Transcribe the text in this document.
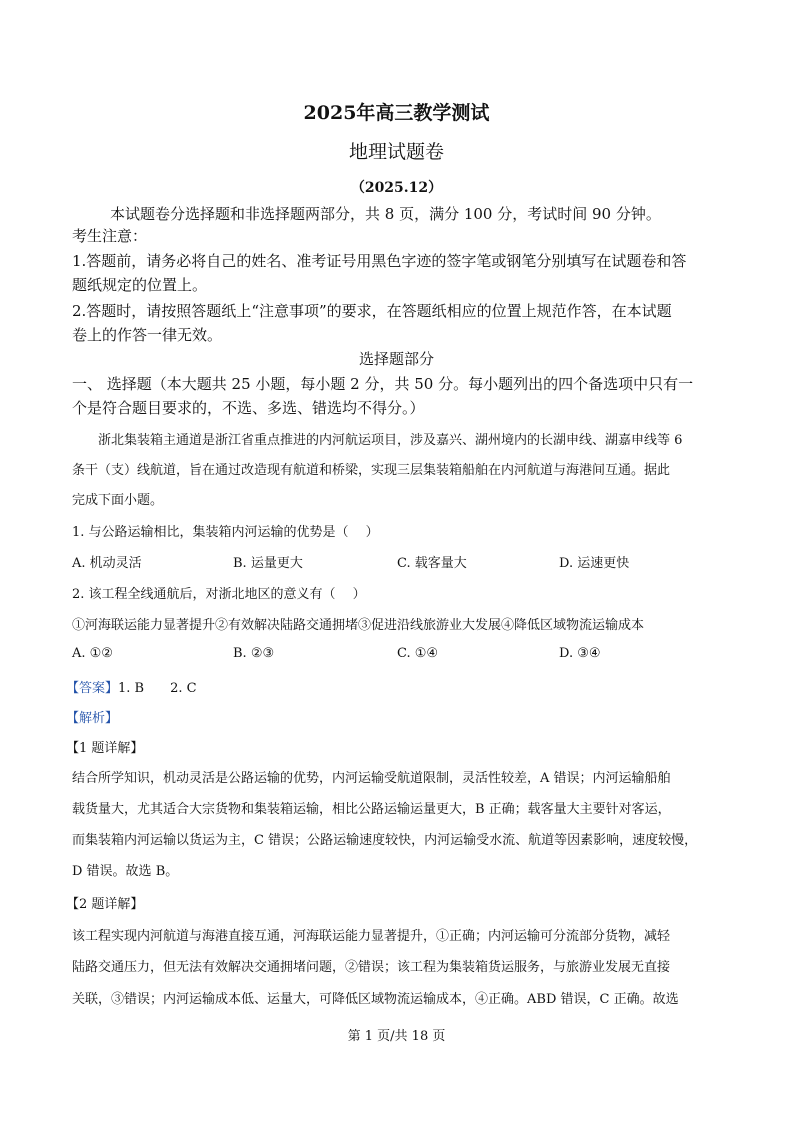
2025年高三教学测试
地理试题卷
（2025.12）
本试题卷分选择题和非选择题两部分，共 8 页，满分 100 分，考试时间 90 分钟。
考生注意：
1.答题前，请务必将自己的姓名、准考证号用黑色字迹的签字笔或钢笔分别填写在试题卷和答
题纸规定的位置上。
2.答题时，请按照答题纸上“注意事项”的要求，在答题纸相应的位置上规范作答，在本试题
卷上的作答一律无效。
选择题部分
一、 选择题（本大题共 25 小题，每小题 2 分，共 50 分。每小题列出的四个备选项中只有一
个是符合题目要求的，不选、多选、错选均不得分。）
浙北集装箱主通道是浙江省重点推进的内河航运项目，涉及嘉兴、湖州境内的长湖申线、湖嘉申线等 6
条干（支）线航道，旨在通过改造现有航道和桥梁，实现三层集装箱船舶在内河航道与海港间互通。据此
完成下面小题。
1. 与公路运输相比，集装箱内河运输的优势是（　 ）
A. 机动灵活	B. 运量更大	C. 载客量大	D. 运速更快
2. 该工程全线通航后，对浙北地区的意义有（　 ）
①河海联运能力显著提升②有效解决陆路交通拥堵③促进沿线旅游业大发展④降低区域物流运输成本
A. ①②	B. ②③	C. ①④	D. ③④
【答案】1. B　　2. C
【解析】
【1 题详解】
结合所学知识，机动灵活是公路运输的优势，内河运输受航道限制，灵活性较差，A 错误；内河运输船舶
载货量大，尤其适合大宗货物和集装箱运输，相比公路运输运量更大，B 正确；载客量大主要针对客运，
而集装箱内河运输以货运为主，C 错误；公路运输速度较快，内河运输受水流、航道等因素影响，速度较慢，
D 错误。故选 B。
【2 题详解】
该工程实现内河航道与海港直接互通，河海联运能力显著提升，①正确；内河运输可分流部分货物，减轻
陆路交通压力，但无法有效解决交通拥堵问题，②错误；该工程为集装箱货运服务，与旅游业发展无直接
关联，③错误；内河运输成本低、运量大，可降低区域物流运输成本，④正确。ABD 错误，C 正确。故选
第 1 页/共 18 页
